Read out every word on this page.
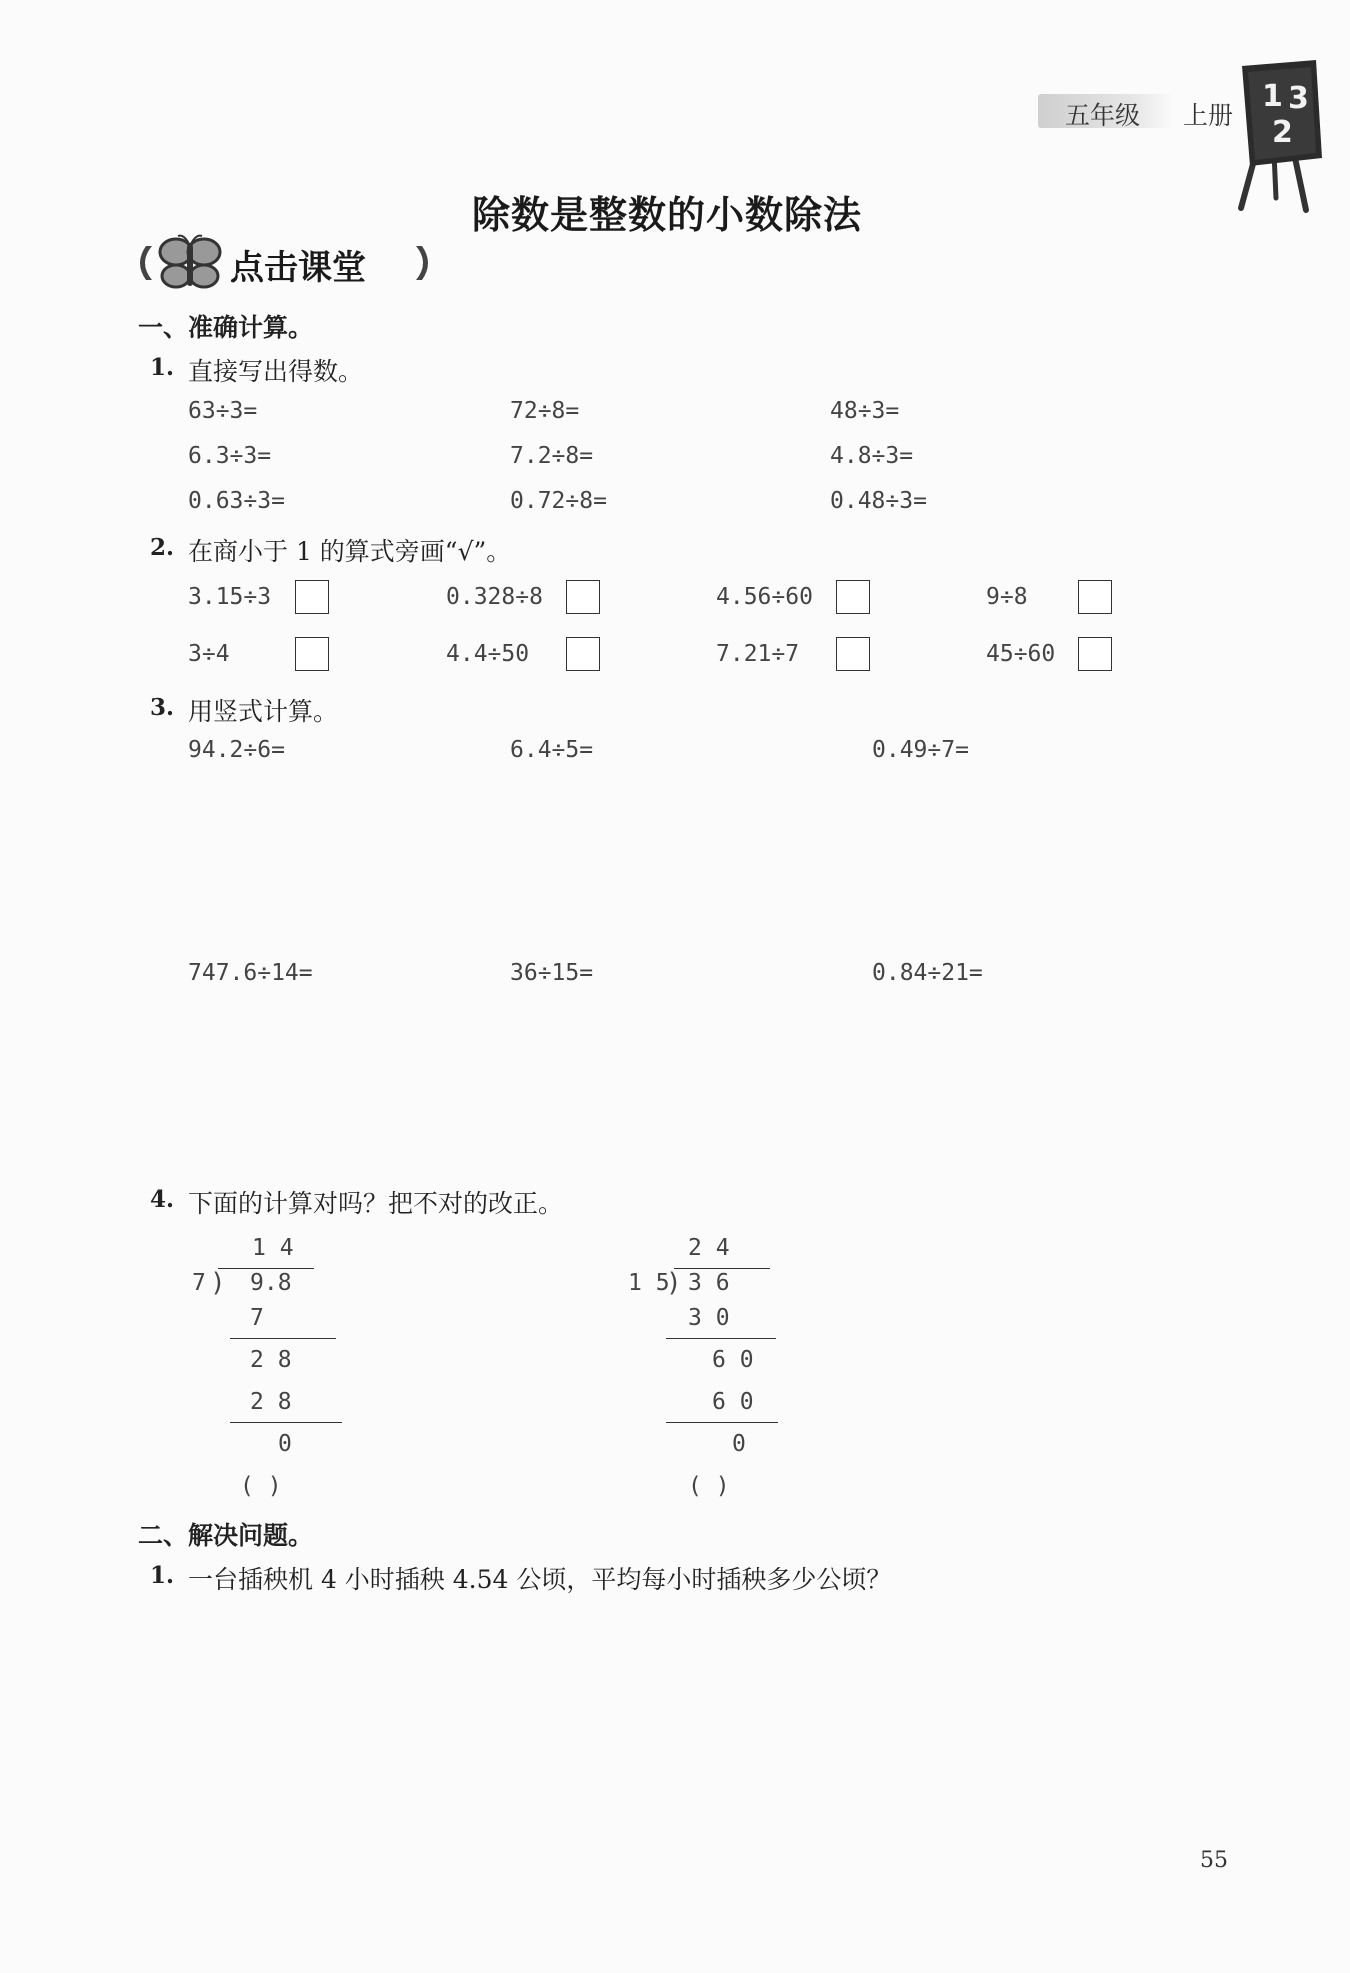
五年级 上册
1 3
2
除数是整数的小数除法
点击课堂
一、准确计算。
1. 直接写出得数。
63÷3=	72÷8=	48÷3=
6.3÷3=	7.2÷8=	4.8÷3=
0.63÷3=	0.72÷8=	0.48÷3=
2. 在商小于 1 的算式旁画“√”。
3.15÷3	0.328÷8	4.56÷60	9÷8
3÷4	4.4÷50	7.21÷7	45÷60
3. 用竖式计算。
94.2÷6=	6.4÷5=	0.49÷7=
747.6÷14=	36÷15=	0.84÷21=
4. 下面的计算对吗？把不对的改正。
1 4
7 ) 9.8
7
2 8
2 8
0
( )
2 4
1 5
) 3 6
3 0
6 0
6 0
0
( )
二、解决问题。
1. 一台插秧机 4 小时插秧 4.54 公顷，平均每小时插秧多少公顷？
55
